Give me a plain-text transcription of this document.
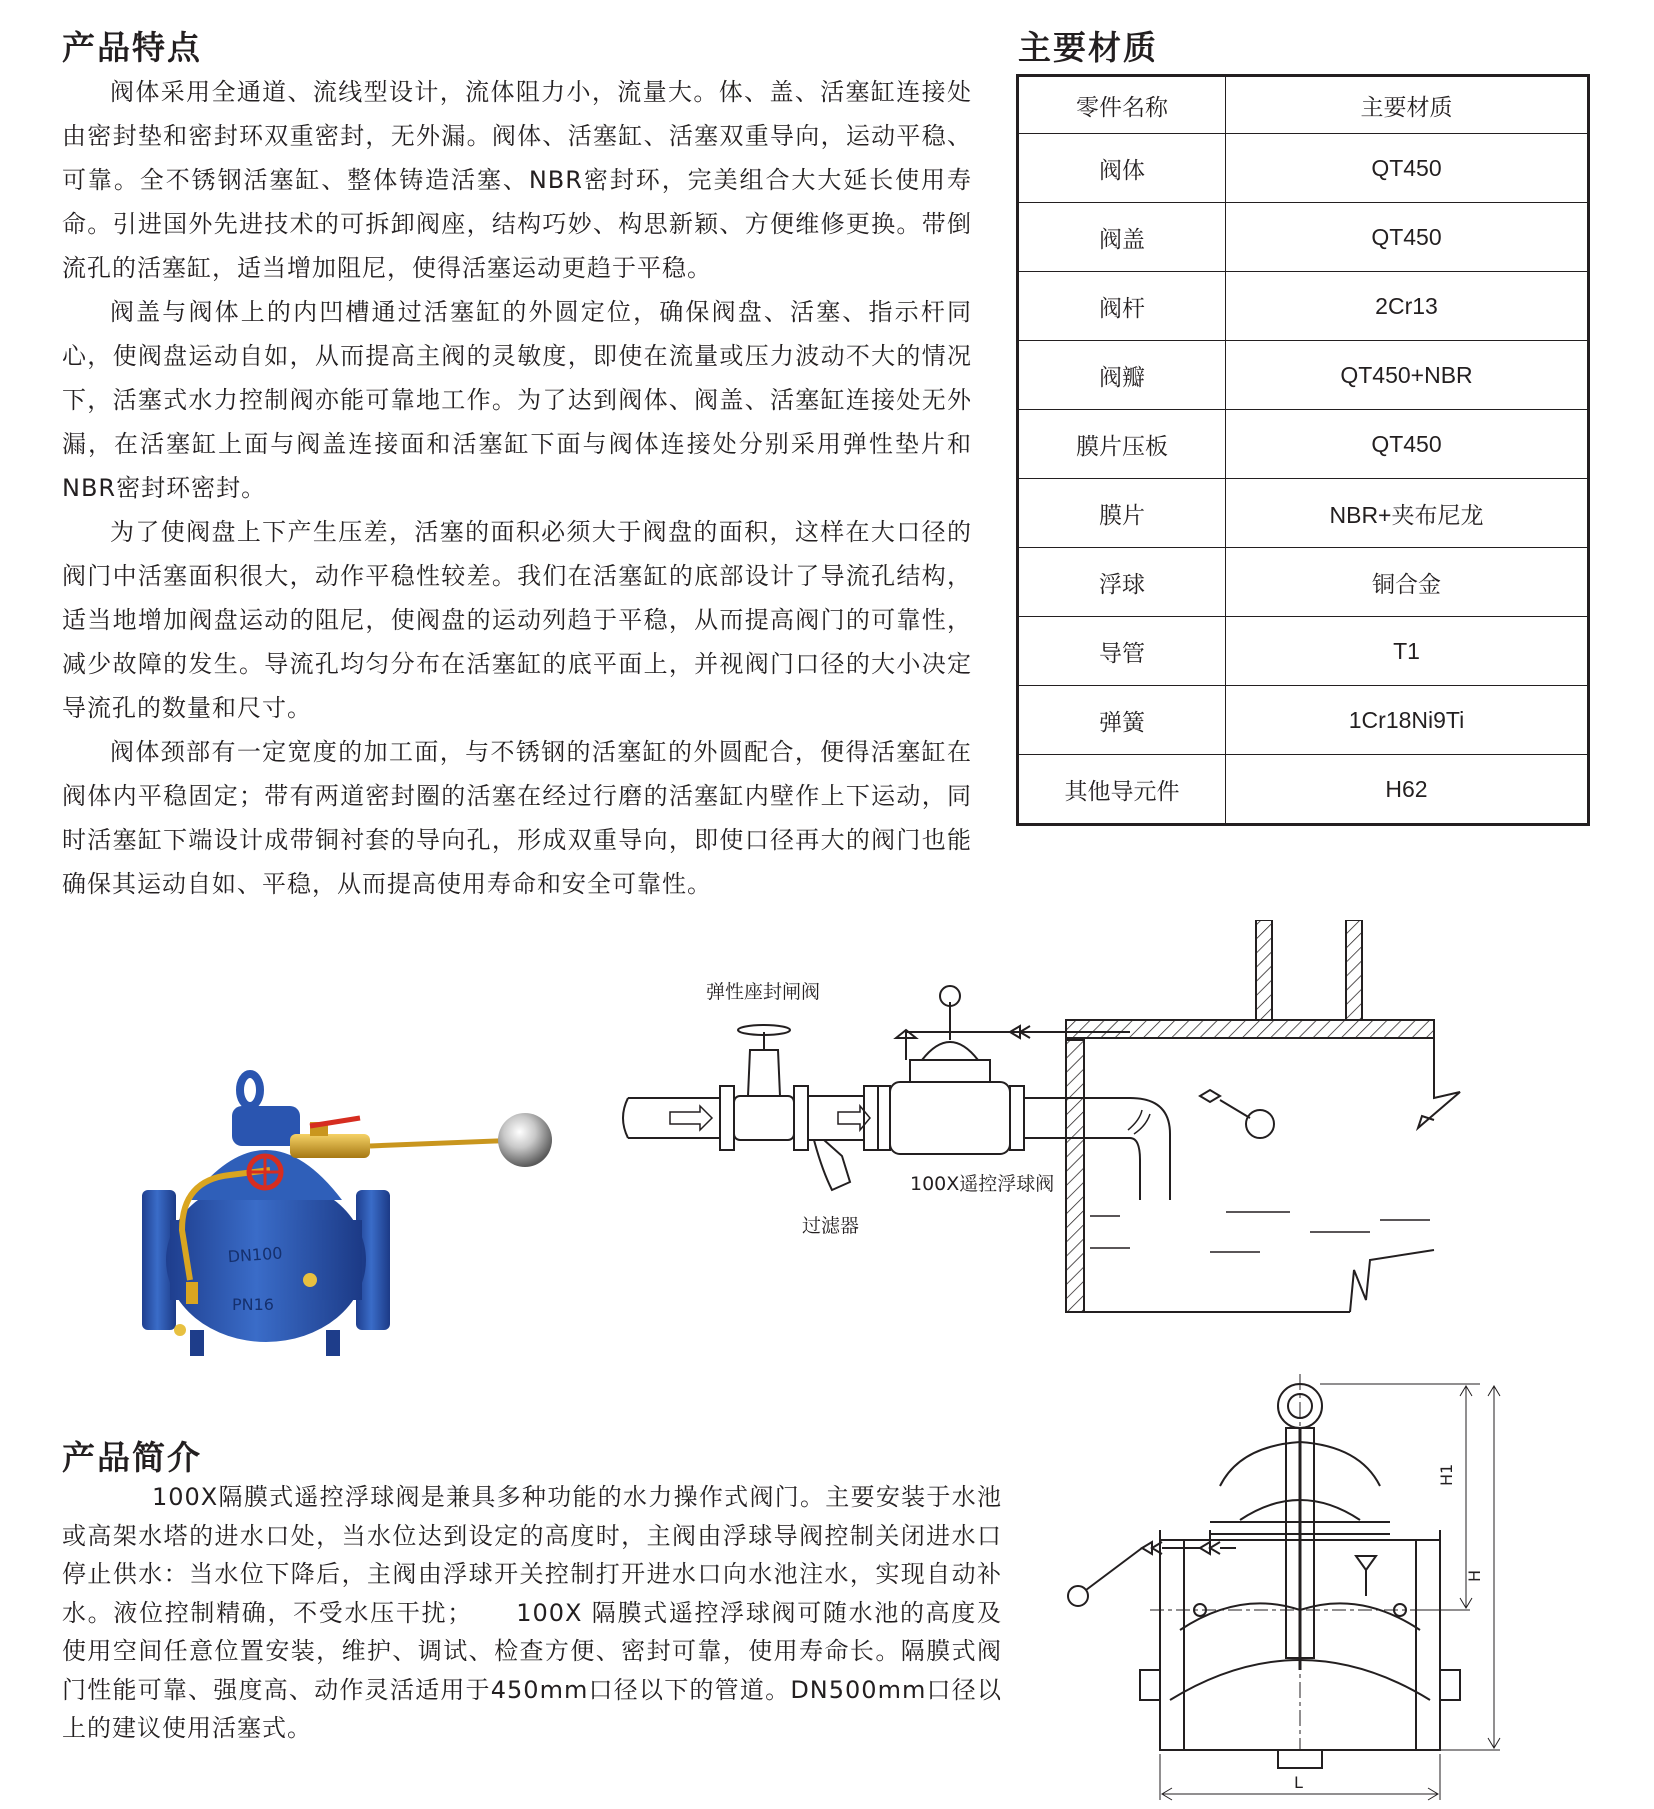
产品特点

阀体采用全通道、流线型设计，流体阻力小，流量大。体、盖、活塞缸连接处由密封垫和密封环双重密封，无外漏。阀体、活塞缸、活塞双重导向，运动平稳、可靠。全不锈钢活塞缸、整体铸造活塞、NBR密封环，完美组合大大延长使用寿命。引进国外先进技术的可拆卸阀座，结构巧妙、构思新颖、方便维修更换。带倒流孔的活塞缸，适当增加阻尼，使得活塞运动更趋于平稳。

阀盖与阀体上的内凹槽通过活塞缸的外圆定位，确保阀盘、活塞、指示杆同心，使阀盘运动自如，从而提高主阀的灵敏度，即使在流量或压力波动不大的情况下，活塞式水力控制阀亦能可靠地工作。为了达到阀体、阀盖、活塞缸连接处无外漏，在活塞缸上面与阀盖连接面和活塞缸下面与阀体连接处分别采用弹性垫片和NBR密封环密封。

为了使阀盘上下产生压差，活塞的面积必须大于阀盘的面积，这样在大口径的阀门中活塞面积很大，动作平稳性较差。我们在活塞缸的底部设计了导流孔结构，适当地增加阀盘运动的阻尼，使阀盘的运动列趋于平稳，从而提高阀门的可靠性，减少故障的发生。导流孔均匀分布在活塞缸的底平面上，并视阀门口径的大小决定导流孔的数量和尺寸。

阀体颈部有一定宽度的加工面，与不锈钢的活塞缸的外圆配合，便得活塞缸在阀体内平稳固定；带有两道密封圈的活塞在经过行磨的活塞缸内壁作上下运动，同时活塞缸下端设计成带铜衬套的导向孔，形成双重导向，即使口径再大的阀门也能确保其运动自如、平稳，从而提高使用寿命和安全可靠性。

主要材质
零件名称	主要材质
阀体	QT450
阀盖	QT450
阀杆	2Cr13
阀瓣	QT450+NBR
膜片压板	QT450
膜片	NBR+夹布尼龙
浮球	铜合金
导管	T1
弹簧	1Cr18Ni9Ti
其他导元件	H62
DN100
PN16
弹性座封闸阀
过滤器
100X遥控浮球阀
产品简介

100X隔膜式遥控浮球阀是兼具多种功能的水力操作式阀门。主要安装于水池或高架水塔的进水口处，当水位达到设定的高度时，主阀由浮球导阀控制关闭进水口停止供水：当水位下降后，主阀由浮球开关控制打开进水口向水池注水，实现自动补水。液位控制精确，不受水压干扰； 100X 隔膜式遥控浮球阀可随水池的高度及使用空间任意位置安装，维护、调试、检查方便、密封可靠，使用寿命长。隔膜式阀门性能可靠、强度高、动作灵活适用于450mm口径以下的管道。DN500mm口径以上的建议使用活塞式。

H1
H
L
